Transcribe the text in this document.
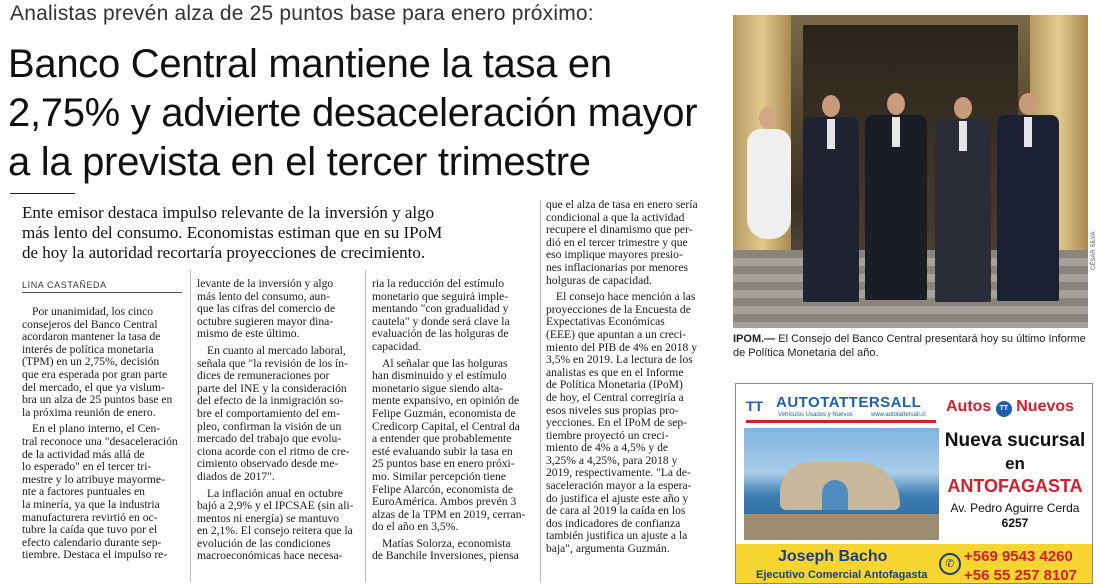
Analistas prevén alza de 25 puntos base para enero próximo:
Banco Central mantiene la tasa en
2,75% y advierte desaceleración mayor
a la prevista en el tercer trimestre
Ente emisor destaca impulso relevante de la inversión y algo
más lento del consumo. Economistas estiman que en su IPoM
de hoy la autoridad recortaría proyecciones de crecimiento.
LINA CASTAÑEDA
Por unanimidad, los cinco
consejeros del Banco Central
acordaron mantener la tasa de
interés de política monetaria
(TPM) en un 2,75%, decisión
que era esperada por gran parte
del mercado, el que ya vislum-
bra un alza de 25 puntos base en
la próxima reunión de enero.
En el plano interno, el Cen-
tral reconoce una "desaceleración
de la actividad más allá de
lo esperado" en el tercer tri-
mestre y lo atribuye mayorme-
nte a factores puntuales en
la minería, ya que la industria
manufacturera revirtió en oc-
tubre la caída que tuvo por el
efecto calendario durante sep-
tiembre. Destaca el impulso re-
levante de la inversión y algo
más lento del consumo, aun-
que las cifras del comercio de
octubre sugieren mayor dina-
mismo de este último.
En cuanto al mercado laboral,
señala que "la revisión de los ín-
dices de remuneraciones por
parte del INE y la consideración
del efecto de la inmigración so-
bre el comportamiento del em-
pleo, confirman la visión de un
mercado del trabajo que evolu-
ciona acorde con el ritmo de cre-
cimiento observado desde me-
diados de 2017".
La inflación anual en octubre
bajó a 2,9% y el IPCSAE (sin ali-
mentos ni energía) se mantuvo
en 2,1%. El consejo reitera que la
evolución de las condiciones
macroeconómicas hace necesa-
ria la reducción del estímulo
monetario que seguirá imple-
mentando "con gradualidad y
cautela" y donde será clave la
evaluación de las holguras de
capacidad.
Al señalar que las holguras
han disminuido y el estímulo
monetario sigue siendo alta-
mente expansivo, en opinión de
Felipe Guzmán, economista de
Credicorp Capital, el Central da
a entender que probablemente
esté evaluando subir la tasa en
25 puntos base en enero próxi-
mo. Similar percepción tiene
Felipe Alarcón, economista de
EuroAmérica. Ambos prevén 3
alzas de la TPM en 2019, cerran-
do el año en 3,5%.
Matías Solorza, economista
de Banchile Inversiones, piensa
que el alza de tasa en enero sería
condicional a que la actividad
recupere el dinamismo que per-
dió en el tercer trimestre y que
eso implique mayores presio-
nes inflacionarias por menores
holguras de capacidad.
El consejo hace mención a las
proyecciones de la Encuesta de
Expectativas Económicas
(EEE) que apuntan a un creci-
miento del PIB de 4% en 2018 y
3,5% en 2019. La lectura de los
analistas es que en el Informe
de Política Monetaria (IPoM)
de hoy, el Central corregiría a
esos niveles sus propias pro-
yecciones. En el IPoM de sep-
tiembre proyectó un creci-
miento de 4% a 4,5% y de
3,25% a 4,25%, para 2018 y
2019, respectivamente. "La de-
saceleración mayor a la espera-
do justifica el ajuste este año y
de cara al 2019 la caída en los
dos indicadores de confianza
también justifica un ajuste a la
baja", argumenta Guzmán.
CÉSAR SILVA
IPOM.— El Consejo del Banco Central presentará hoy su último Informe de Política Monetaria del año.
TT AUTOTATTERSALL
Vehículos Usados y Nuevos	www.autotattersall.cl Autos TT Nuevos
Nueva sucursal
en
ANTOFAGASTA
Av. Pedro Aguirre Cerda
6257
Joseph Bacho
Ejecutivo Comercial Antofagasta
✆ +569 9543 4260
+56 55 257 8107
